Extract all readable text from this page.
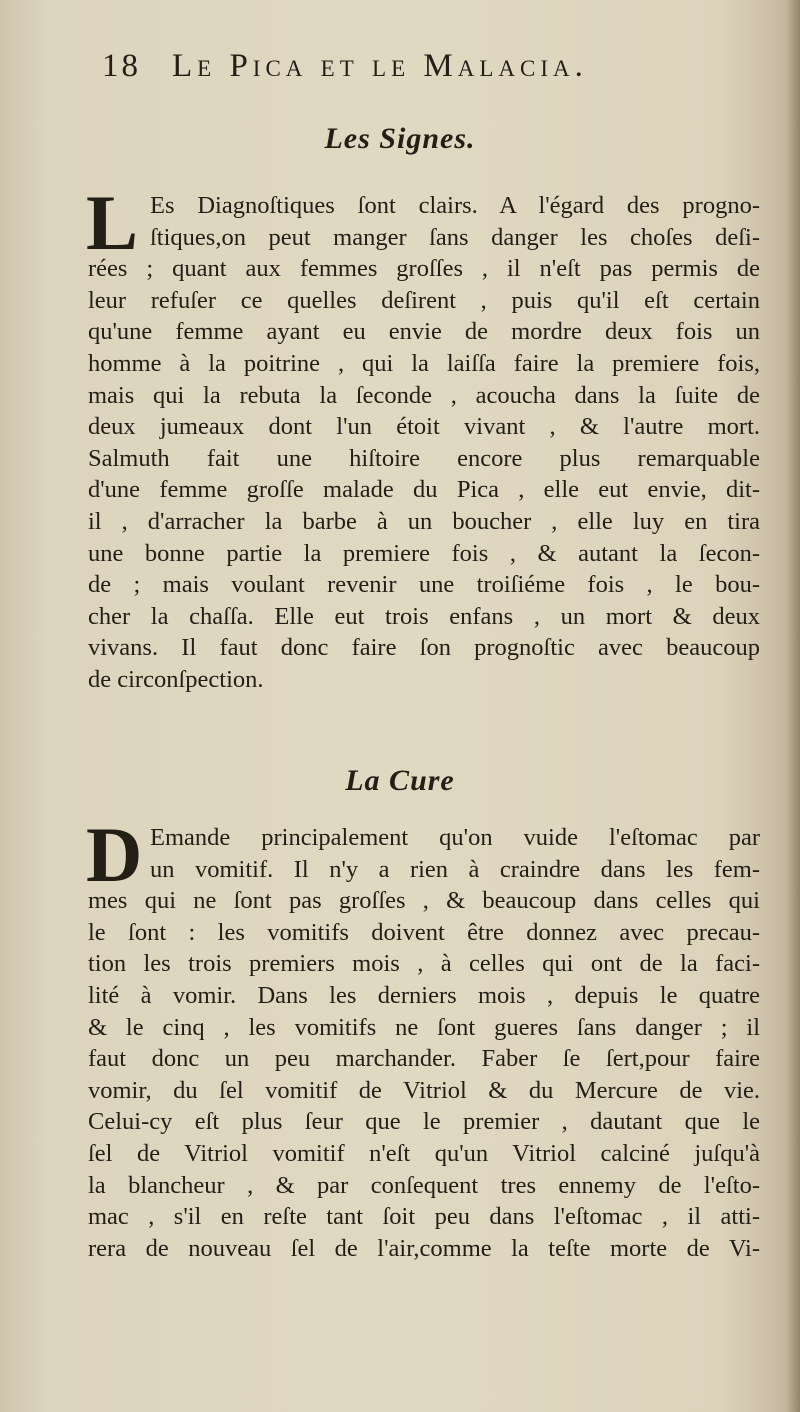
18 Le Pica et le Malacia.
Les Signes.
L Es Diagnoſtiques ſont clairs. A l'égard des progno-
ſtiques,on peut manger ſans danger les choſes deſi-
rées ; quant aux femmes groſſes , il n'eſt pas permis de
leur refuſer ce quelles deſirent , puis qu'il eſt certain
qu'une femme ayant eu envie de mordre deux fois un
homme à la poitrine , qui la laiſſa faire la premiere fois,
mais qui la rebuta la ſeconde , acoucha dans la ſuite de
deux jumeaux dont l'un étoit vivant , & l'autre mort.
Salmuth fait une hiſtoire encore plus remarquable
d'une femme groſſe malade du Pica , elle eut envie, dit-
il , d'arracher la barbe à un boucher , elle luy en tira
une bonne partie la premiere fois , & autant la ſecon-
de ; mais voulant revenir une troiſiéme fois , le bou-
cher la chaſſa. Elle eut trois enfans , un mort & deux
vivans. Il faut donc faire ſon prognoſtic avec beaucoup
de circonſpection.
La Cure
D Emande principalement qu'on vuide l'eſtomac par
un vomitif. Il n'y a rien à craindre dans les fem-
mes qui ne ſont pas groſſes , & beaucoup dans celles qui
le ſont : les vomitifs doivent être donnez avec precau-
tion les trois premiers mois , à celles qui ont de la faci-
lité à vomir. Dans les derniers mois , depuis le quatre
& le cinq , les vomitifs ne ſont gueres ſans danger ; il
faut donc un peu marchander. Faber ſe ſert,pour faire
vomir, du ſel vomitif de Vitriol & du Mercure de vie.
Celui-cy eſt plus ſeur que le premier , dautant que le
ſel de Vitriol vomitif n'eſt qu'un Vitriol calciné juſqu'à
la blancheur , & par conſequent tres ennemy de l'eſto-
mac , s'il en reſte tant ſoit peu dans l'eſtomac , il atti-
rera de nouveau ſel de l'air,comme la teſte morte de Vi-
